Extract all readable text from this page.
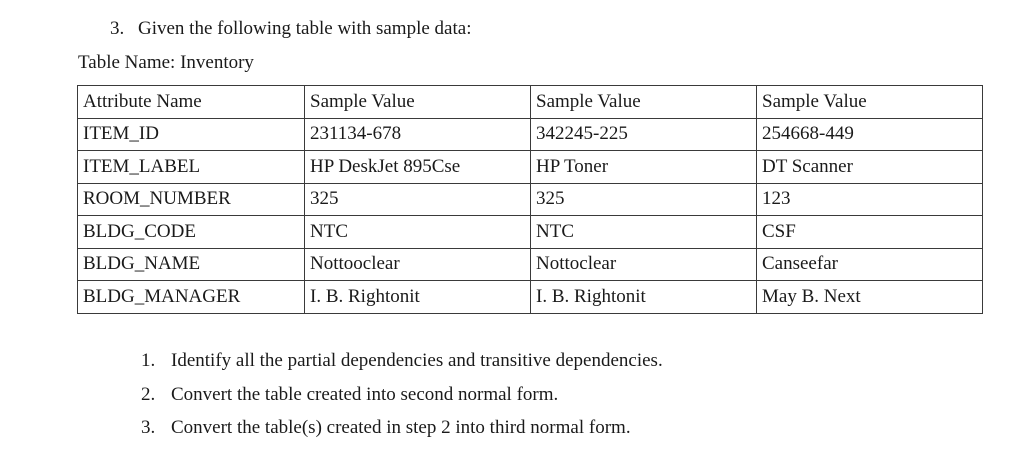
3. Given the following table with sample data:
Table Name: Inventory
Attribute Name	Sample Value	Sample Value	Sample Value
ITEM_ID	231134-678	342245-225	254668-449
ITEM_LABEL	HP DeskJet 895Cse	HP Toner	DT Scanner
ROOM_NUMBER	325	325	123
BLDG_CODE	NTC	NTC	CSF
BLDG_NAME	Nottooclear	Nottoclear	Canseefar
BLDG_MANAGER	I. B. Rightonit	I. B. Rightonit	May B. Next
1. Identify all the partial dependencies and transitive dependencies.
2. Convert the table created into second normal form.
3. Convert the table(s) created in step 2 into third normal form.
